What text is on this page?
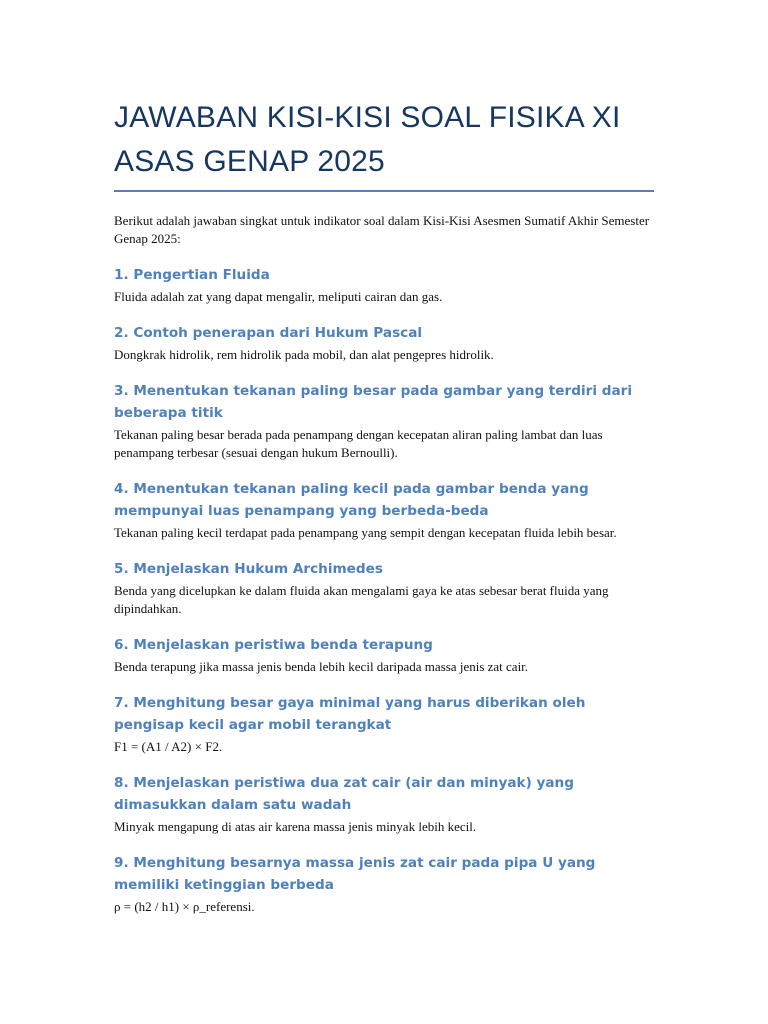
JAWABAN KISI-KISI SOAL FISIKA XI ASAS GENAP 2025

Berikut adalah jawaban singkat untuk indikator soal dalam Kisi-Kisi Asesmen Sumatif Akhir Semester Genap 2025:

1. Pengertian Fluida

Fluida adalah zat yang dapat mengalir, meliputi cairan dan gas.

2. Contoh penerapan dari Hukum Pascal

Dongkrak hidrolik, rem hidrolik pada mobil, dan alat pengepres hidrolik.

3. Menentukan tekanan paling besar pada gambar yang terdiri dari beberapa titik

Tekanan paling besar berada pada penampang dengan kecepatan aliran paling lambat dan luas penampang terbesar (sesuai dengan hukum Bernoulli).

4. Menentukan tekanan paling kecil pada gambar benda yang mempunyai luas penampang yang berbeda-beda

Tekanan paling kecil terdapat pada penampang yang sempit dengan kecepatan fluida lebih besar.

5. Menjelaskan Hukum Archimedes

Benda yang dicelupkan ke dalam fluida akan mengalami gaya ke atas sebesar berat fluida yang dipindahkan.

6. Menjelaskan peristiwa benda terapung

Benda terapung jika massa jenis benda lebih kecil daripada massa jenis zat cair.

7. Menghitung besar gaya minimal yang harus diberikan oleh pengisap kecil agar mobil terangkat

F1 = (A1 / A2) × F2.

8. Menjelaskan peristiwa dua zat cair (air dan minyak) yang dimasukkan dalam satu wadah

Minyak mengapung di atas air karena massa jenis minyak lebih kecil.

9. Menghitung besarnya massa jenis zat cair pada pipa U yang memiliki ketinggian berbeda

ρ = (h2 / h1) × ρ_referensi.
